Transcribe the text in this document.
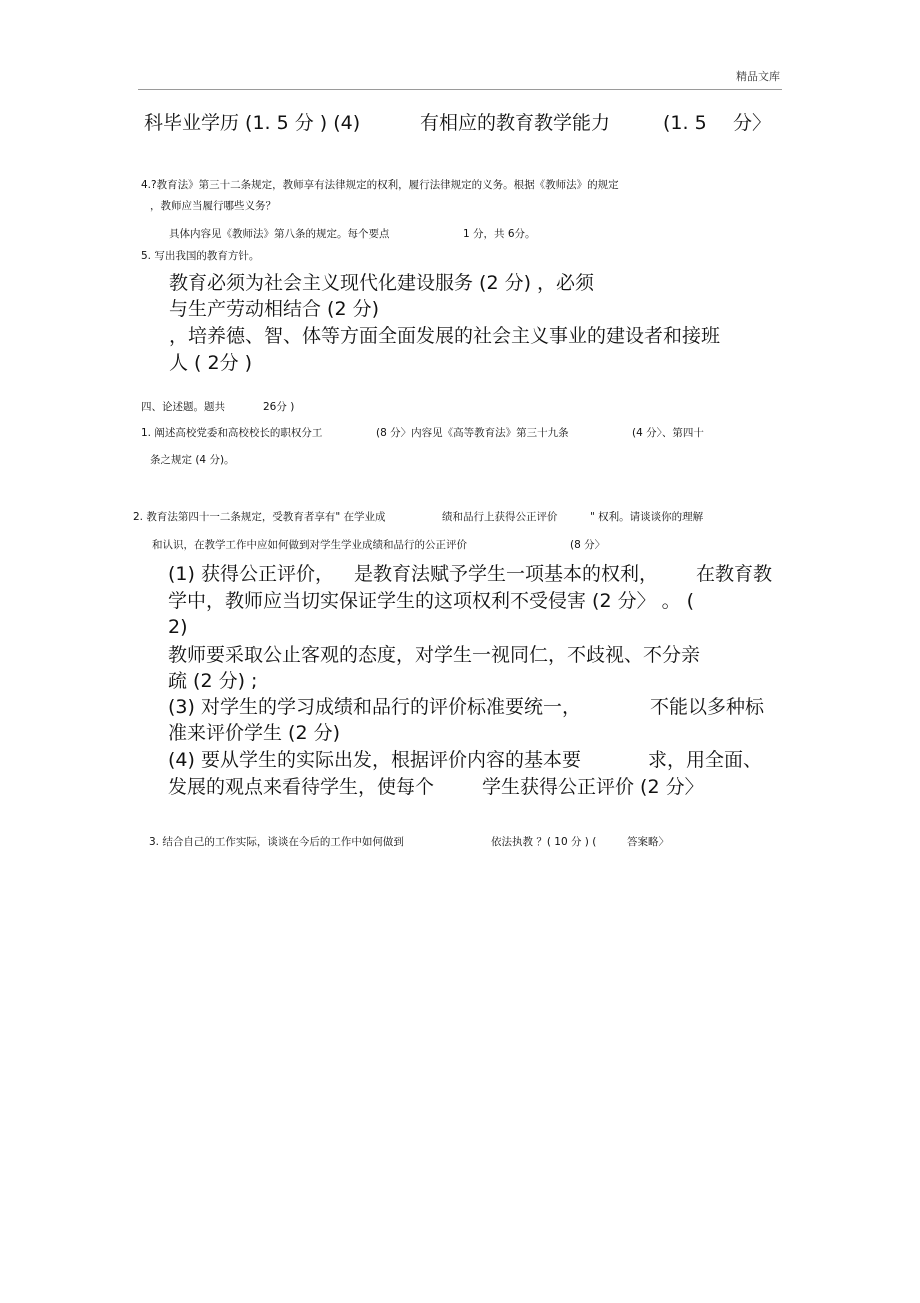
精品文库
科毕业学历 (1. 5 分 ) (4)	有相应的教育教学能力	(1. 5 分〉
4.?教育法》第三十二条规定，教师享有法律规定的权利，履行法律规定的义务。根据《教师法》的规定
，教师应当履行哪些义务？
具体内容见《教师法》第八条的规定。每个要点	1 分，共 6分。
5. 写出我国的教育方针。
教育必须为社会主义现代化建设服务 (2 分) ，必须
与生产劳动相结合 (2 分)
，培养德、智、体等方面全面发展的社会主义事业的建设者和接班
人 ( 2分 )
四、论述题。题共	26分 )
1. 阐述高校党委和高校校长的职权分工	(8 分〉内容见《高等教育法》第三十九条	(4 分〉、第四十
条之规定 (4 分)。
2. 教育法第四十一二条规定，受教育者享有" 在学业成	绩和品行上获得公正评价	" 权利。请谈谈你的理解
和认识，在教学工作中应如何做到对学生学业成绩和品行的公正评价	(8 分〉
(1) 获得公正评价， 是教育法赋予学生一项基本的权利， 在教育教
学中，教师应当切实保证学生的这项权利不受侵害 (2 分〉 。 (
2)
教师要采取公止客观的态度，对学生一视同仁，不歧视、不分亲
疏 (2 分) ;
(3) 对学生的学习成绩和品行的评价标准要统一，	不能以多种标
准来评价学生 (2 分)
(4) 要从学生的实际出发，根据评价内容的基本要	求，用全面、
发展的观点来看待学生，使每个	学生获得公正评价 (2 分〉
3. 结合自己的工作实际，谈谈在今后的工作中如何做到	依法执教 ？( 10 分 ) (	答案略〉
